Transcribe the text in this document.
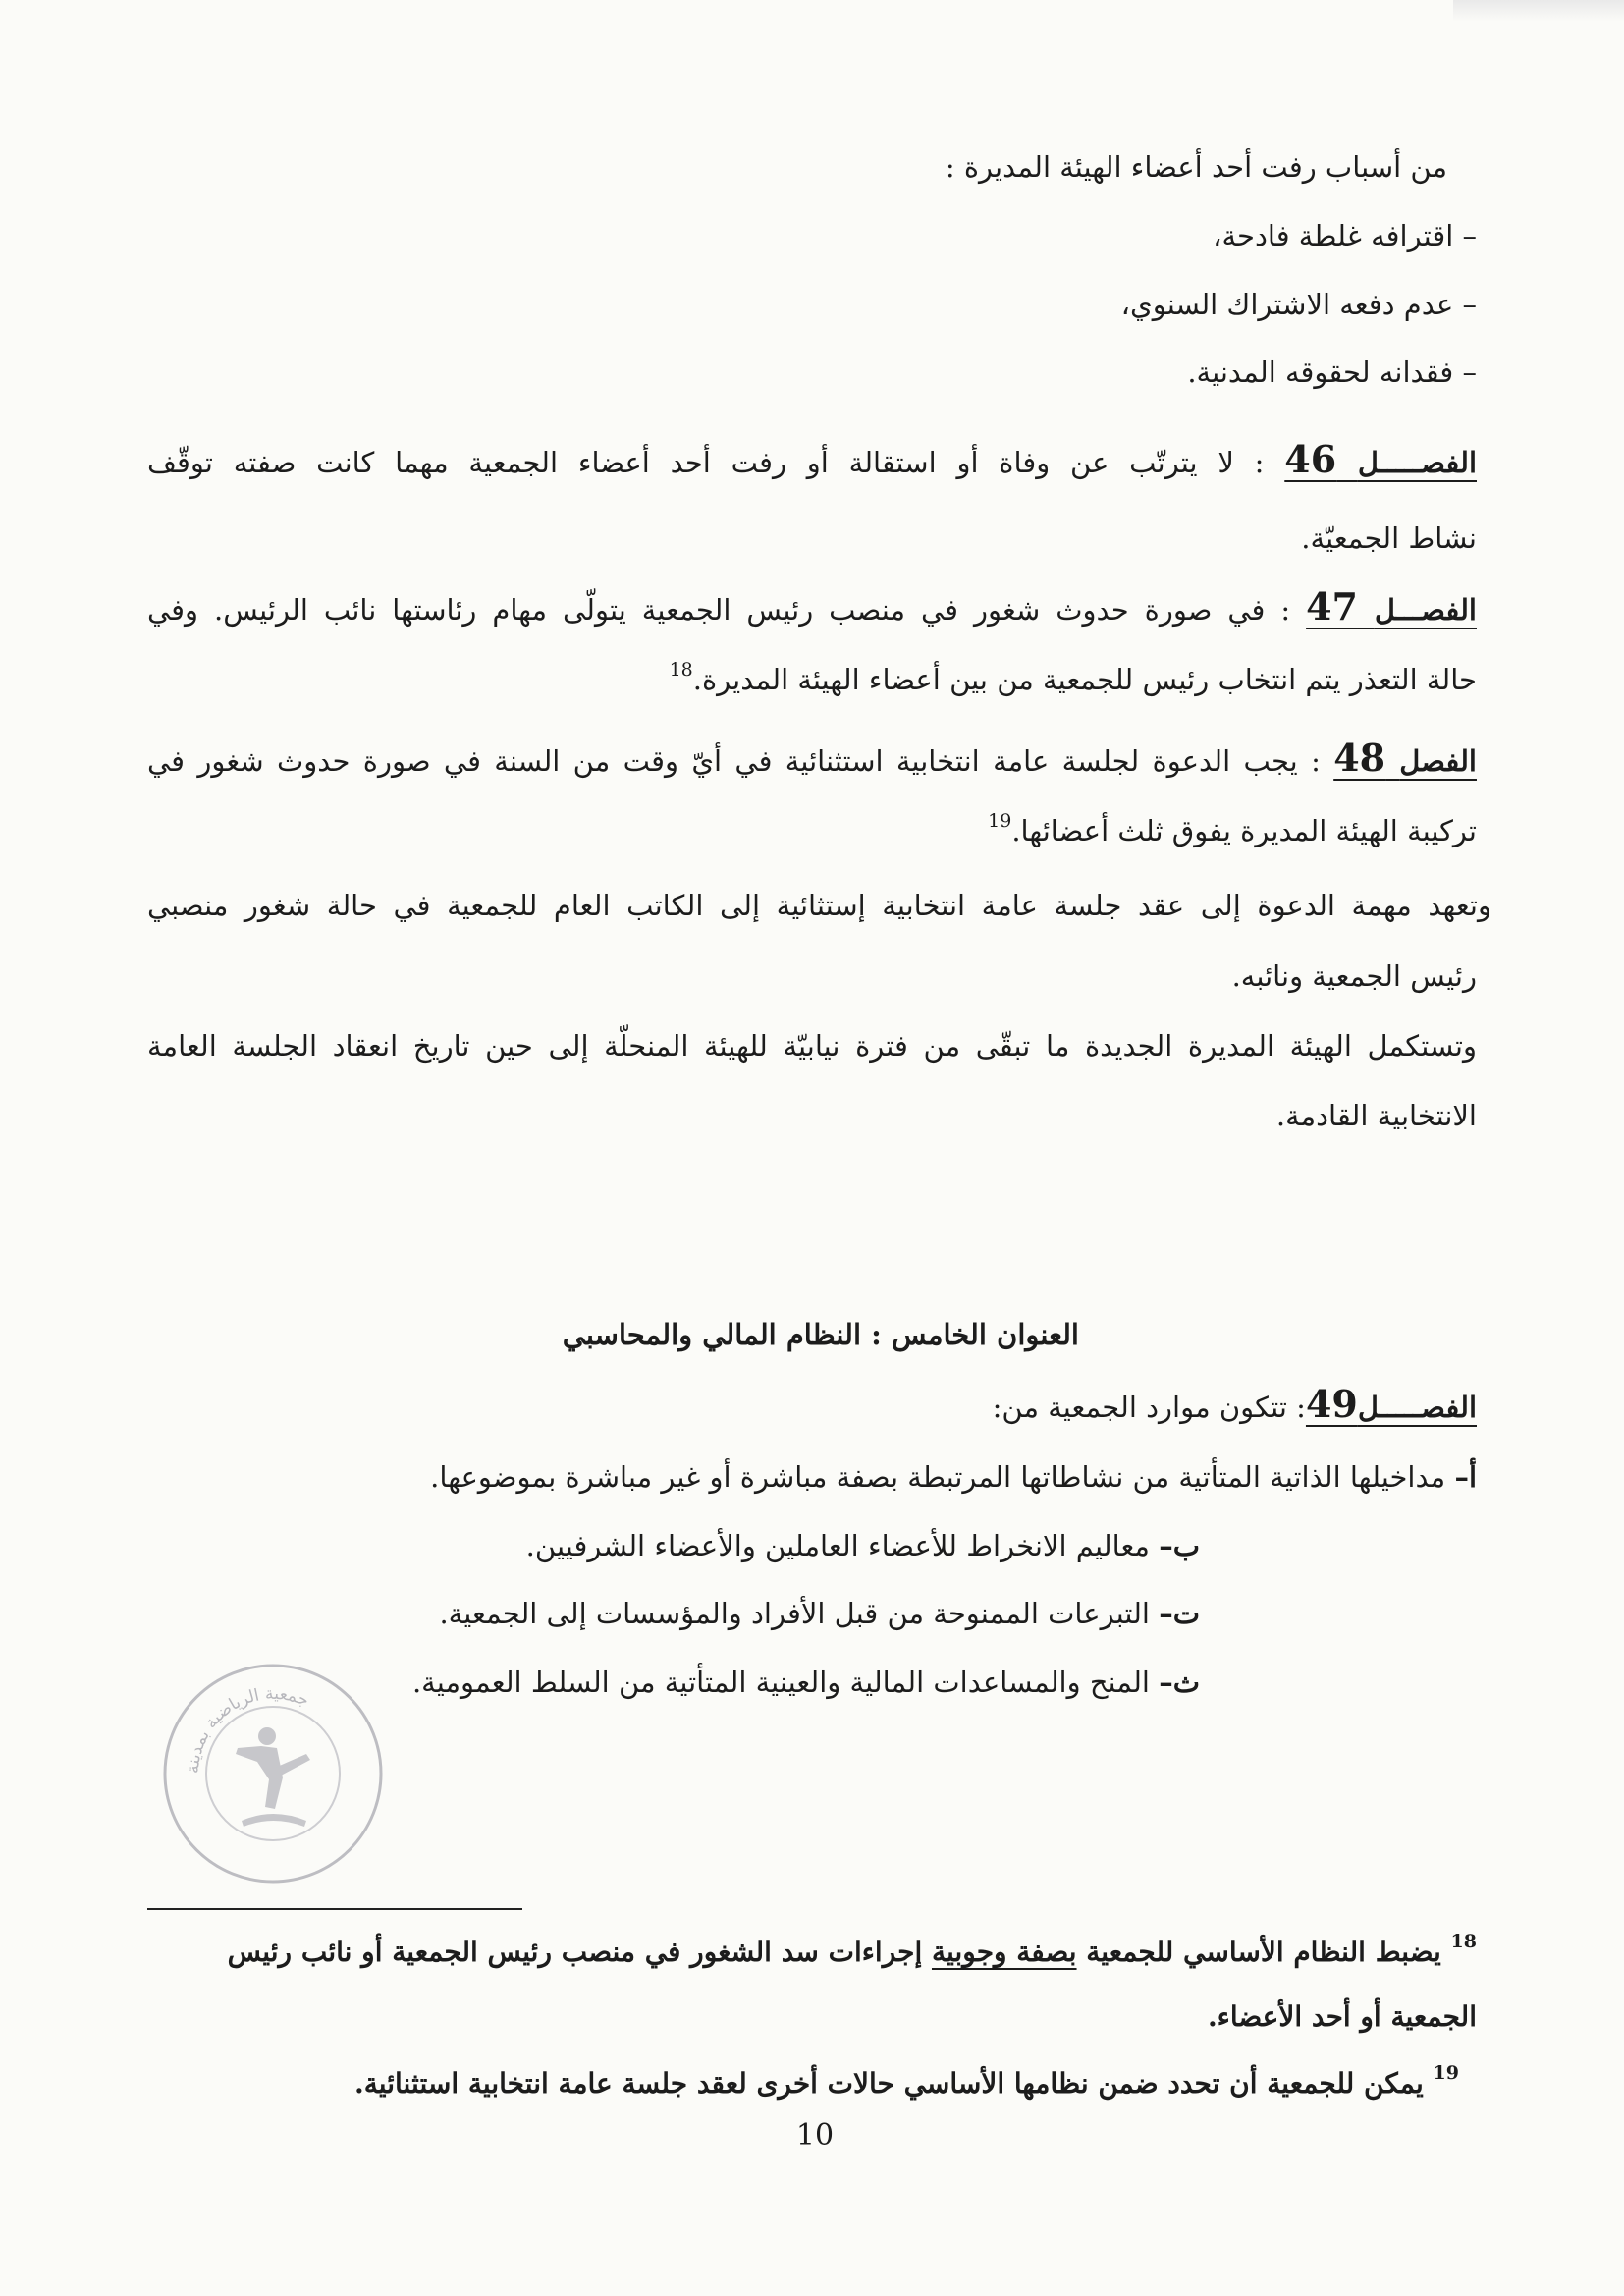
من أسباب رفت أحد أعضاء الهيئة المديرة :
– اقترافه غلطة فادحة،
– عدم دفعه الاشتراك السنوي،
– فقدانه لحقوقه المدنية.
الفصـــــل 46 : لا يترتّب عن وفاة أو استقالة أو رفت أحد أعضاء الجمعية مهما كانت صفته توقّف
نشاط الجمعيّة.
الفصـــل 47 : في صورة حدوث شغور في منصب رئيس الجمعية يتولّى مهام رئاستها نائب الرئيس. وفي
حالة التعذر يتم انتخاب رئيس للجمعية من بين أعضاء الهيئة المديرة.$^{18}$
الفصل 48 : يجب الدعوة لجلسة عامة انتخابية استثنائية في أيّ وقت من السنة في صورة حدوث شغور في
تركيبة الهيئة المديرة يفوق ثلث أعضائها.$^{19}$
وتعهد مهمة الدعوة إلى عقد جلسة عامة انتخابية إستثائية إلى الكاتب العام للجمعية في حالة شغور منصبي
رئيس الجمعية ونائبه.
وتستكمل الهيئة المديرة الجديدة ما تبقّى من فترة نيابيّة للهيئة المنحلّة إلى حين تاريخ انعقاد الجلسة العامة
الانتخابية القادمة.
العنوان الخامس : النظام المالي والمحاسبي
الفصـــــل49: تتكون موارد الجمعية من:
أ– مداخيلها الذاتية المتأتية من نشاطاتها المرتبطة بصفة مباشرة أو غير مباشرة بموضوعها.
ب– معاليم الانخراط للأعضاء العاملين والأعضاء الشرفيين.
ت– التبرعات الممنوحة من قبل الأفراد والمؤسسات إلى الجمعية.
ث– المنح والمساعدات المالية والعينية المتأتية من السلط العمومية.
جمعية الرياضية بمدينة
$^{18}$ يضبط النظام الأساسي للجمعية بصفة وجوبية إجراءات سد الشغور في منصب رئيس الجمعية أو نائب رئيس
الجمعية أو أحد الأعضاء.
$^{19}$ يمكن للجمعية أن تحدد ضمن نظامها الأساسي حالات أخرى لعقد جلسة عامة انتخابية استثنائية.
10
